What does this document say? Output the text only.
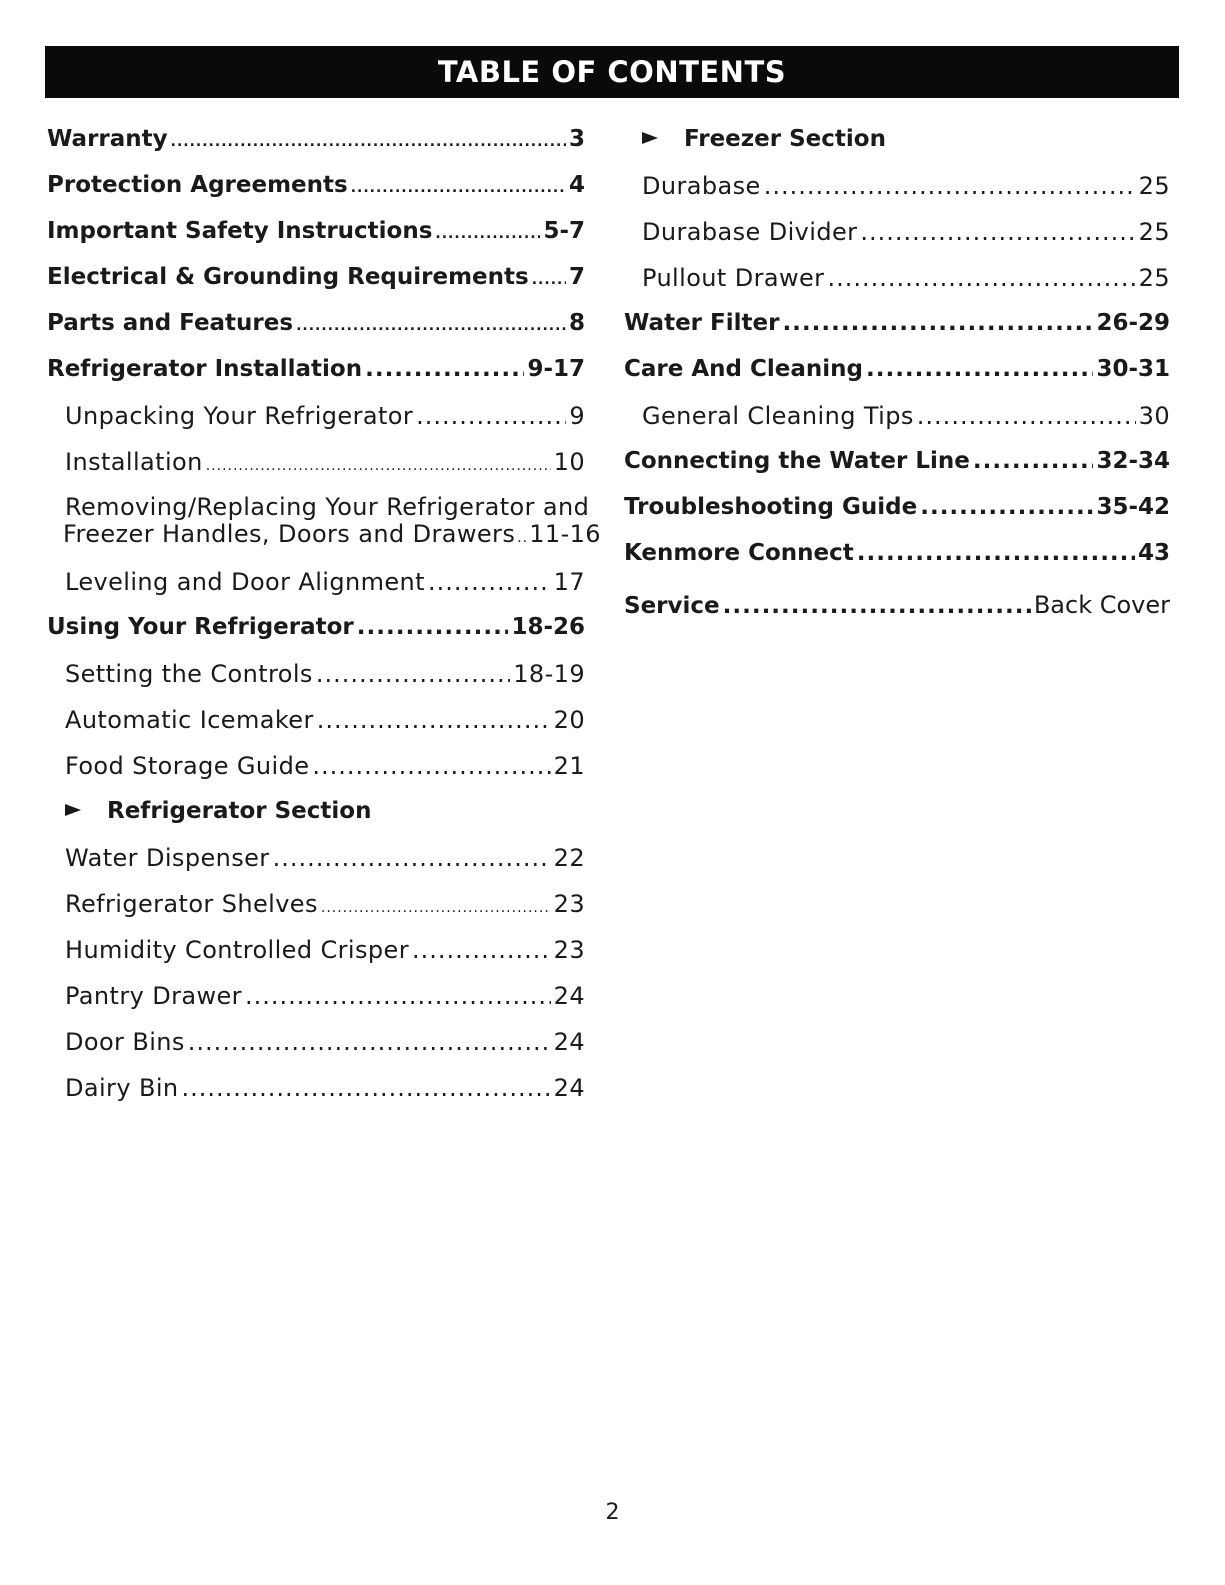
TABLE OF CONTENTS
Warranty .....	3
Protection Agreements .....	4
Important Safety Instructions .....	5-7
Electrical & Grounding Requirements ..... 7
Parts and Features .....	8
Refrigerator Installation .....	9-17
Unpacking Your Refrigerator .....	9
Installation .....	10
Removing/Replacing Your Refrigerator and
Freezer Handles, Doors and Drawers ..... 11-16
Leveling and Door Alignment .....	17
Using Your Refrigerator .....	18-26
Setting the Controls .....	18-19
Automatic Icemaker .....	20
Food Storage Guide .....	21
Refrigerator Section
Water Dispenser .....	22
Refrigerator Shelves .....	23
Humidity Controlled Crisper .....	23
Pantry Drawer .....	24
Door Bins .....	24
Dairy Bin .....	24
Freezer Section
Durabase .....	25
Durabase Divider .....	25
Pullout Drawer .....	25
Water Filter .....	26-29
Care And Cleaning .....	30-31
General Cleaning Tips .....	30
Connecting the Water Line .....	32-34
Troubleshooting Guide .....	35-42
Kenmore Connect .....	43
Service .....	Back Cover
2
